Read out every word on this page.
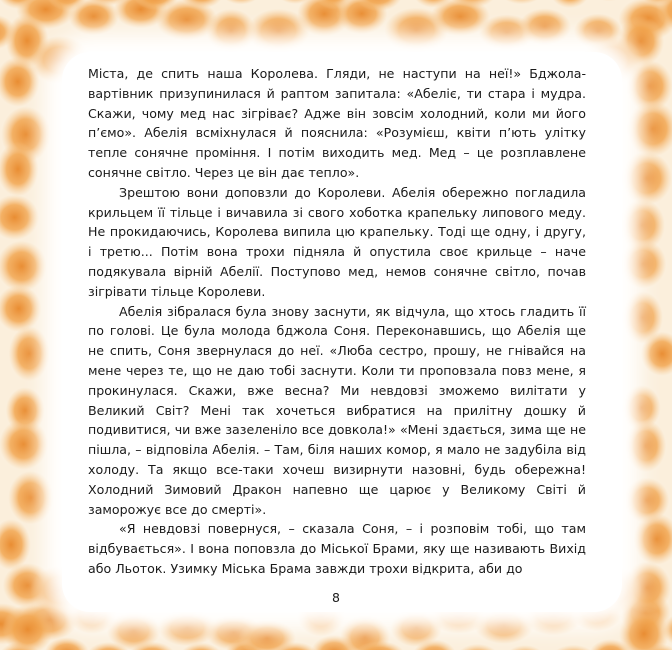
Міста, де спить наша Королева. Гляди, не наступи на неї!» Бджола-вартівник призупинилася й раптом запитала: «Абеліє, ти стара і мудра. Скажи, чому мед нас зігріває? Адже він зовсім холодний, коли ми його п’ємо». Абелія всміхнулася й пояснила: «Розумієш, квіти п’ють улітку тепле сонячне проміння. І потім виходить мед. Мед – це розплавлене сонячне світло. Через це він дає тепло».

Зрештою вони доповзли до Королеви. Абелія обережно погладила крильцем її тільце і вичавила зі свого хоботка крапельку липового меду. Не прокидаючись, Королева випила цю крапельку. Тоді ще одну, і другу, і третю... Потім вона трохи підняла й опустила своє крильце – наче подякувала вірній Абелії. Поступово мед, немов сонячне світло, почав зігрівати тільце Королеви.

Абелія зібралася була знову заснути, як відчула, що хтось гладить її по голові. Це була молода бджола Соня. Переконавшись, що Абелія ще не спить, Соня звернулася до неї. «Люба сестро, прошу, не гнівайся на мене через те, що не даю тобі заснути. Коли ти проповзала повз мене, я прокинулася. Скажи, вже весна? Ми невдовзі зможемо вилітати у Великий Світ? Мені так хочеться вибратися на прилітну дошку й подивитися, чи вже зазеленіло все довкола!» «Мені здається, зима ще не пішла, – відповіла Абелія. – Там, біля наших комор, я мало не задубіла від холоду. Та якщо все-таки хочеш визирнути назовні, будь обережна! Холодний Зимовий Дракон напевно ще царює у Великому Світі й заморожує все до смерті».

«Я невдовзі повернуся, – сказала Соня, – і розповім тобі, що там відбувається». І вона поповзла до Міської Брами, яку ще називають Вихід або Льоток. Узимку Міська Брама завжди трохи відкрита, аби до

8
